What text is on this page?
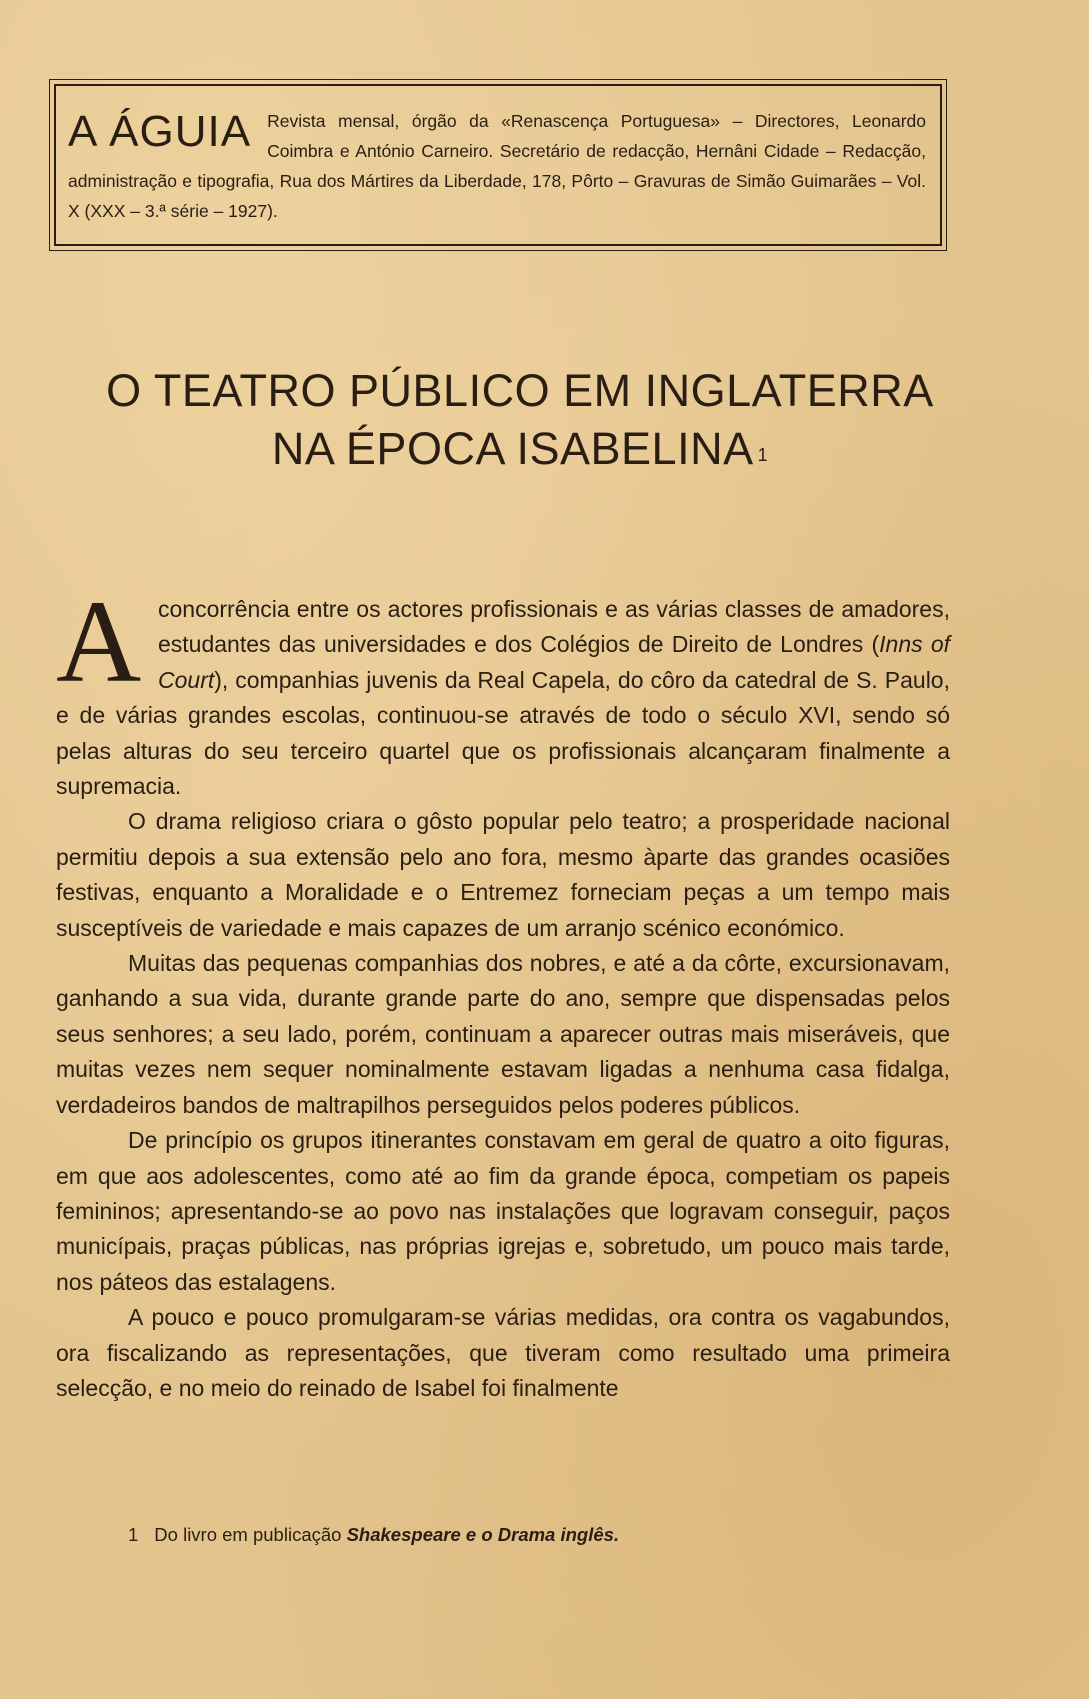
A ÁGUIA Revista mensal, órgão da «Renascença Portuguesa» – Directores, Leonardo Coimbra e António Carneiro. Secretário de redacção, Hernâni Cidade – Redacção, administração e tipografia, Rua dos Mártires da Liberdade, 178, Pôrto – Gravuras de Simão Guimarães – Vol. X (XXX – 3.ª série – 1927).
O TEATRO PÚBLICO EM INGLATERRA
NA ÉPOCA ISABELINA $^1$

Aconcorrência entre os actores profissionais e as várias classes de amadores, estudantes das universidades e dos Colégios de Direito de Londres (Inns of Court), companhias juvenis da Real Capela, do côro da catedral de S. Paulo, e de várias grandes escolas, continuou-se através de todo o século XVI, sendo só pelas alturas do seu terceiro quartel que os profissionais alcançaram finalmente a supremacia.

O drama religioso criara o gôsto popular pelo teatro; a prosperidade nacional permitiu depois a sua extensão pelo ano fora, mesmo àparte das grandes ocasiões festivas, enquanto a Moralidade e o Entremez forneciam peças a um tempo mais susceptíveis de variedade e mais capazes de um arranjo scénico económico.

Muitas das pequenas companhias dos nobres, e até a da côrte, excursionavam, ganhando a sua vida, durante grande parte do ano, sempre que dispensadas pelos seus senhores; a seu lado, porém, continuam a aparecer outras mais miseráveis, que muitas vezes nem sequer nominalmente estavam ligadas a nenhuma casa fidalga, verdadeiros bandos de maltrapilhos perseguidos pelos poderes públicos.

De princípio os grupos itinerantes constavam em geral de quatro a oito figuras, em que aos adolescentes, como até ao fim da grande época, competiam os papeis femininos; apresentando-se ao povo nas instalações que logravam conseguir, paços municípais, praças públicas, nas próprias igrejas e, sobretudo, um pouco mais tarde, nos páteos das estalagens.

A pouco e pouco promulgaram-se várias medidas, ora contra os vagabundos, ora fiscalizando as representações, que tiveram como resultado uma primeira selecção, e no meio do reinado de Isabel foi finalmente

1 Do livro em publicação Shakespeare e o Drama inglês.
